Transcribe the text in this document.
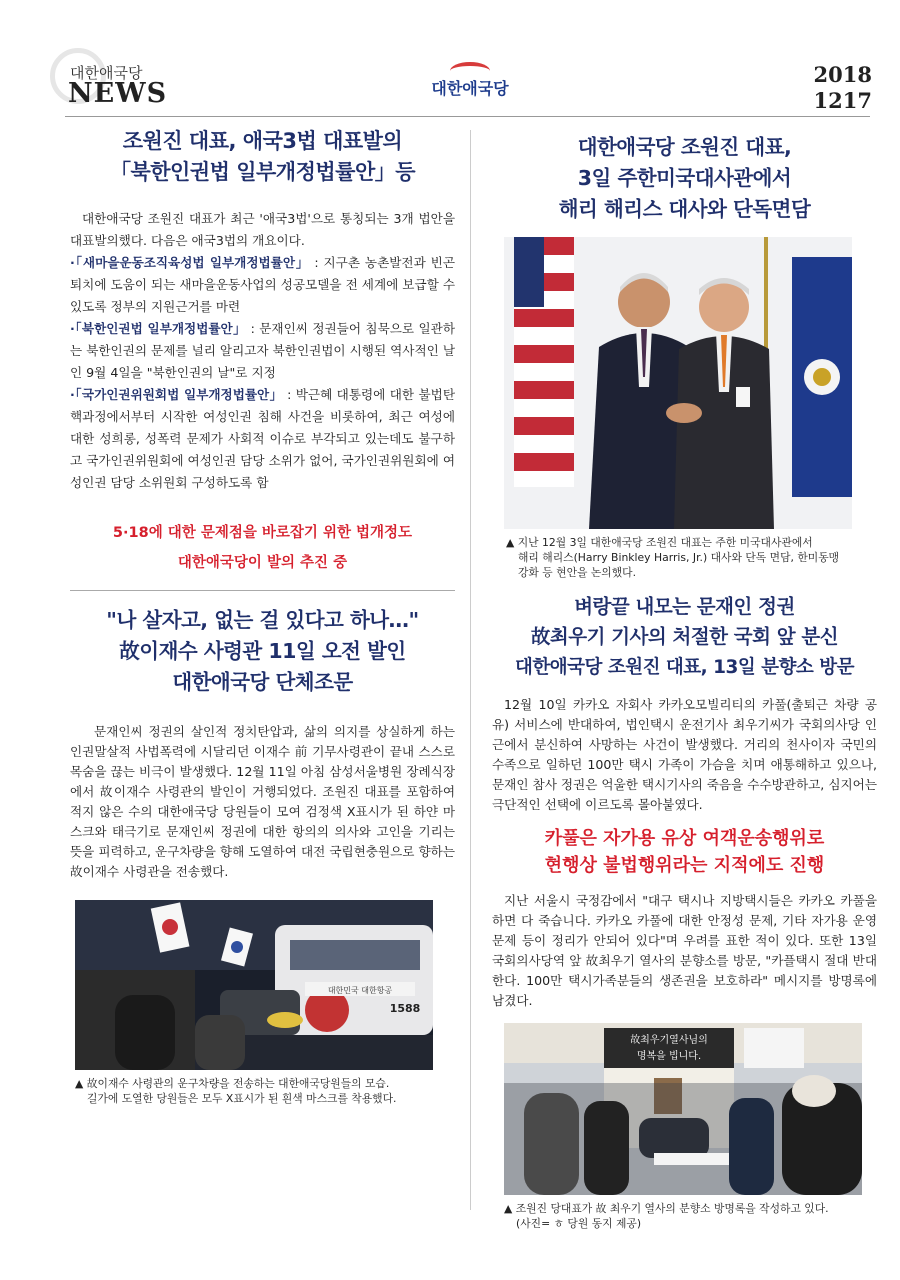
대한애국당
NEWS	대한애국당
2018
1217
조원진 대표, 애국3법 대표발의
「북한인권법 일부개정법률안」등

대한애국당 조원진 대표가 최근 '애국3법'으로 통칭되는 3개 법안을 대표발의했다. 다음은 애국3법의 개요이다.

·「새마을운동조직육성법 일부개정법률안」 : 지구촌 농촌발전과 빈곤퇴치에 도움이 되는 새마을운동사업의 성공모델을 전 세계에 보급할 수 있도록 정부의 지원근거를 마련

·「북한인권법 일부개정법률안」 : 문재인씨 정권들어 침묵으로 일관하는 북한인권의 문제를 널리 알리고자 북한인권법이 시행된 역사적인 날인 9월 4일을 "북한인권의 날"로 지정

·「국가인권위원회법 일부개정법률안」 : 박근혜 대통령에 대한 불법탄핵과정에서부터 시작한 여성인권 침해 사건을 비롯하여, 최근 여성에 대한 성희롱, 성폭력 문제가 사회적 이슈로 부각되고 있는데도 불구하고 국가인권위원회에 여성인권 담당 소위가 없어, 국가인권위원회에 여성인권 담당 소위원회 구성하도록 함

5·18에 대한 문제점을 바로잡기 위한 법개정도

대한애국당이 발의 추진 중

"나 살자고, 없는 걸 있다고 하나…"
故이재수 사령관 11일 오전 발인
대한애국당 단체조문

문재인씨 정권의 살인적 정치탄압과, 삶의 의지를 상실하게 하는 인권말살적 사법폭력에 시달리던 이재수 前 기무사령관이 끝내 스스로 목숨을 끊는 비극이 발생했다. 12월 11일 아침 삼성서울병원 장례식장에서 故이재수 사령관의 발인이 거행되었다. 조원진 대표를 포함하여 적지 않은 수의 대한애국당 당원들이 모여 검정색 X표시가 된 하얀 마스크와 태극기로 문재인씨 정권에 대한 항의의 의사와 고인을 기리는 뜻을 피력하고, 운구차량을 향해 도열하여 대전 국립현충원으로 향하는 故이재수 사령관을 전송했다.

대한민국 대한항공
1588

▲ 故이재수 사령관의 운구차량을 전송하는 대한애국당원들의 모습.
길가에 도열한 당원들은 모두 X표시가 된 흰색 마스크를 착용했다.

대한애국당 조원진 대표,
3일 주한미국대사관에서
해리 해리스 대사와 단독면담

▲ 지난 12월 3일 대한애국당 조원진 대표는 주한 미국대사관에서
해리 해리스(Harry Binkley Harris, Jr.) 대사와 단독 면담, 한미동맹
강화 등 현안을 논의했다.

벼랑끝 내모는 문재인 정권
故최우기 기사의 처절한 국회 앞 분신
대한애국당 조원진 대표, 13일 분향소 방문

12월 10일 카카오 자회사 카카오모빌리티의 카풀(출퇴근 차량 공유) 서비스에 반대하여, 법인택시 운전기사 최우기씨가 국회의사당 인근에서 분신하여 사망하는 사건이 발생했다. 거리의 천사이자 국민의 수족으로 일하던 100만 택시 가족이 가슴을 치며 애통해하고 있으나, 문재인 참사 정권은 억울한 택시기사의 죽음을 수수방관하고, 심지어는 극단적인 선택에 이르도록 몰아붙였다.

카풀은 자가용 유상 여객운송행위로

현행상 불법행위라는 지적에도 진행

지난 서울시 국정감에서 "대구 택시나 지방택시들은 카카오 카풀을 하면 다 죽습니다. 카카오 카풀에 대한 안정성 문제, 기타 자가용 운영 문제 등이 정리가 안되어 있다"며 우려를 표한 적이 있다. 또한 13일 국회의사당역 앞 故최우기 열사의 분향소를 방문, "카플택시 절대 반대한다. 100만 택시가족분들의 생존권을 보호하라" 메시지를 방명록에 남겼다.

故최우기열사님의
명복을 빕니다.

▲ 조원진 당대표가 故 최우기 열사의 분향소 방명록을 작성하고 있다.
(사진= ㅎ 당원 동지 제공)
